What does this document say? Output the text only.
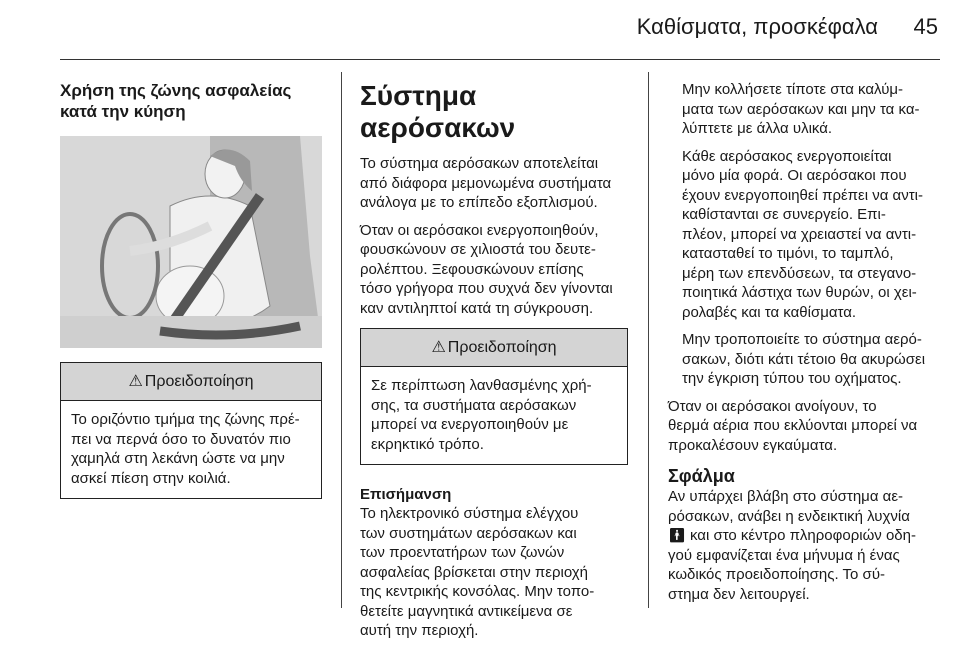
Καθίσματα, προσκέφαλα 45
Χρήση της ζώνης ασφαλείας
κατά την κύηση
⚠ Προειδοποίηση
Το οριζόντιο τμήμα της ζώνης πρέ-
πει να περνά όσο το δυνατόν πιο
χαμηλά στη λεκάνη ώστε να μην
ασκεί πίεση στην κοιλιά.
Σύστημα αερόσακων

Το σύστημα αερόσακων αποτελείται
από διάφορα μεμονωμένα συστήματα
ανάλογα με το επίπεδο εξοπλισμού.

Όταν οι αερόσακοι ενεργοποιηθούν,
φουσκώνουν σε χιλιοστά του δευτε-
ρολέπτου. Ξεφουσκώνουν επίσης
τόσο γρήγορα που συχνά δεν γίνονται
καν αντιληπτοί κατά τη σύγκρουση.

⚠ Προειδοποίηση
Σε περίπτωση λανθασμένης χρή-
σης, τα συστήματα αερόσακων
μπορεί να ενεργοποιηθούν με
εκρηκτικό τρόπο.
Επισήμανση

Το ηλεκτρονικό σύστημα ελέγχου
των συστημάτων αερόσακων και
των προεντατήρων των ζωνών
ασφαλείας βρίσκεται στην περιοχή
της κεντρικής κονσόλας. Μην τοπο-
θετείτε μαγνητικά αντικείμενα σε
αυτή την περιοχή.

Μην κολλήσετε τίποτε στα καλύμ-
ματα των αερόσακων και μην τα κα-
λύπτετε με άλλα υλικά.

Κάθε αερόσακος ενεργοποιείται
μόνο μία φορά. Οι αερόσακοι που
έχουν ενεργοποιηθεί πρέπει να αντι-
καθίστανται σε συνεργείο. Επι-
πλέον, μπορεί να χρειαστεί να αντι-
κατασταθεί το τιμόνι, το ταμπλό,
μέρη των επενδύσεων, τα στεγανο-
ποιητικά λάστιχα των θυρών, οι χει-
ρολαβές και τα καθίσματα.

Μην τροποποιείτε το σύστημα αερό-
σακων, διότι κάτι τέτοιο θα ακυρώσει
την έγκριση τύπου του οχήματος.

Όταν οι αερόσακοι ανοίγουν, το
θερμά αέρια που εκλύονται μπορεί να
προκαλέσουν εγκαύματα.

Σφάλμα

Αν υπάρχει βλάβη στο σύστημα αε-
ρόσακων, ανάβει η ενδεικτική λυχνία
🚹︎ και στο κέντρο πληροφοριών οδη-
γού εμφανίζεται ένα μήνυμα ή ένας
κωδικός προειδοποίησης. Το σύ-
στημα δεν λειτουργεί.
